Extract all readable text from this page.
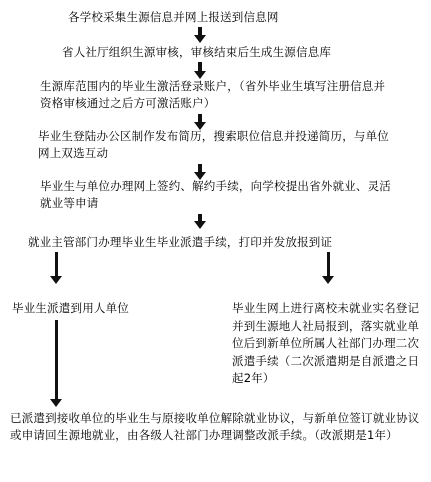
各学校采集生源信息并网上报送到信息网
省人社厅组织生源审核，审核结束后生成生源信息库
生源库范围内的毕业生激活登录账户，（省外毕业生填写注册信息并资格审核通过之后方可激活账户）
毕业生登陆办公区制作发布简历，搜索职位信息并投递简历，与单位网上双选互动
毕业生与单位办理网上签约、解约手续，向学校提出省外就业、灵活就业等申请
就业主管部门办理毕业生毕业派遣手续，打印并发放报到证
毕业生派遣到用人单位	毕业生网上进行离校未就业实名登记并到生源地人社局报到，落实就业单位后到新单位所属人社部门办理二次派遣手续（二次派遣期是自派遣之日起2年）
已派遣到接收单位的毕业生与原接收单位解除就业协议，与新单位签订就业协议或申请回生源地就业，由各级人社部门办理调整改派手续。（改派期是1年）
